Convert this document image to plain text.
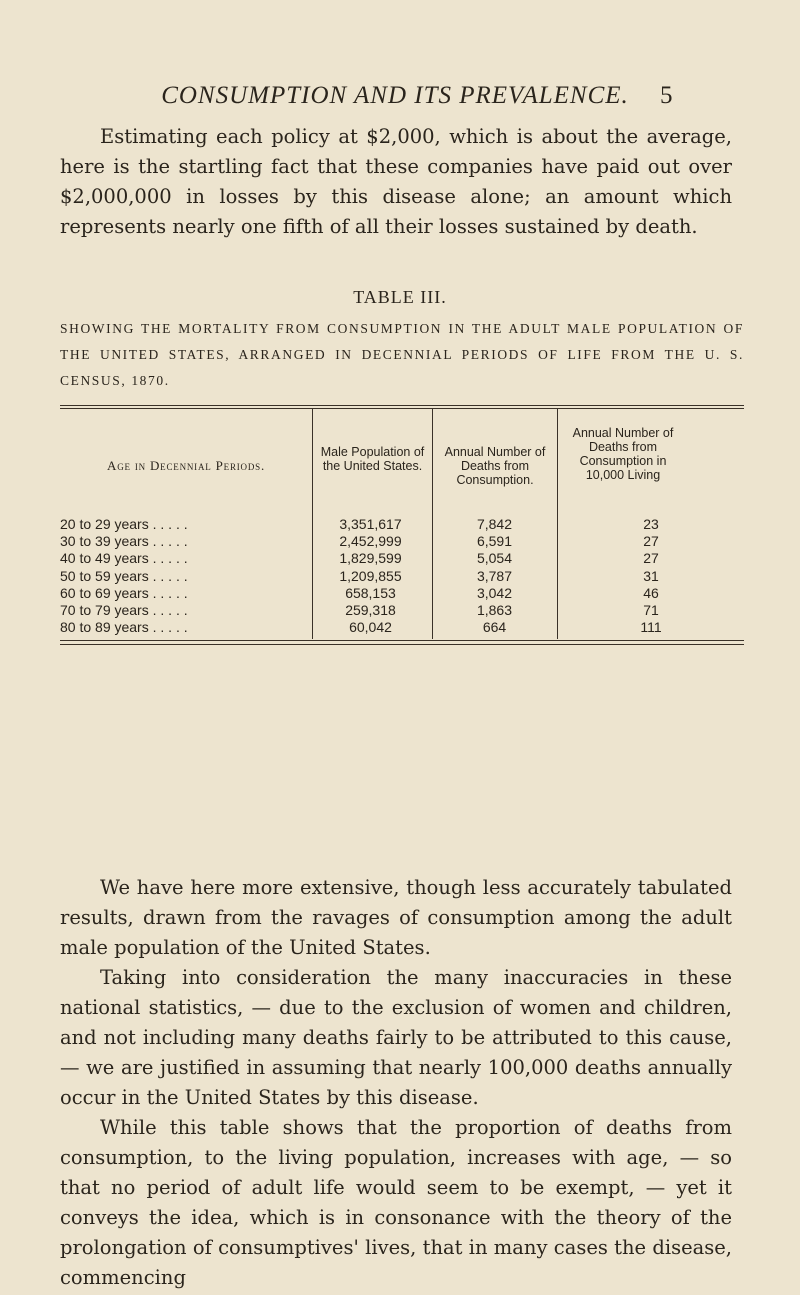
CONSUMPTION AND ITS PREVALENCE.	5

Estimating each policy at $2,000, which is about the average, here is the startling fact that these companies have paid out over $2,000,000 in losses by this disease alone; an amount which represents nearly one fifth of all their losses sustained by death.

TABLE III.
SHOWING THE MORTALITY FROM CONSUMPTION IN THE ADULT MALE POPULATION OF THE UNITED STATES, ARRANGED IN DECENNIAL PERIODS OF LIFE FROM THE U. S. CENSUS, 1870.
Age in Decennial Periods.
Male Population of the United States.
Annual Number of Deaths from Consumption.
Annual Number of Deaths from Consumption in 10,000 Living
20 to 29 years . . . . .	3,351,617	7,842	23
30 to 39 years . . . . .	2,452,999	6,591	27
40 to 49 years . . . . .	1,829,599	5,054	27
50 to 59 years . . . . .	1,209,855	3,787	31
60 to 69 years . . . . .	658,153	3,042	46
70 to 79 years . . . . .	259,318	1,863	71
80 to 89 years . . . . .	60,042	664	111

We have here more extensive, though less accurately tabulated results, drawn from the ravages of consumption among the adult male population of the United States.

Taking into consideration the many inaccuracies in these national statistics, — due to the exclusion of women and children, and not including many deaths fairly to be attributed to this cause, — we are justified in assuming that nearly 100,000 deaths annually occur in the United States by this disease.

While this table shows that the proportion of deaths from consumption, to the living population, increases with age, — so that no period of adult life would seem to be exempt, — yet it conveys the idea, which is in consonance with the theory of the prolongation of consumptives' lives, that in many cases the disease, commencing
